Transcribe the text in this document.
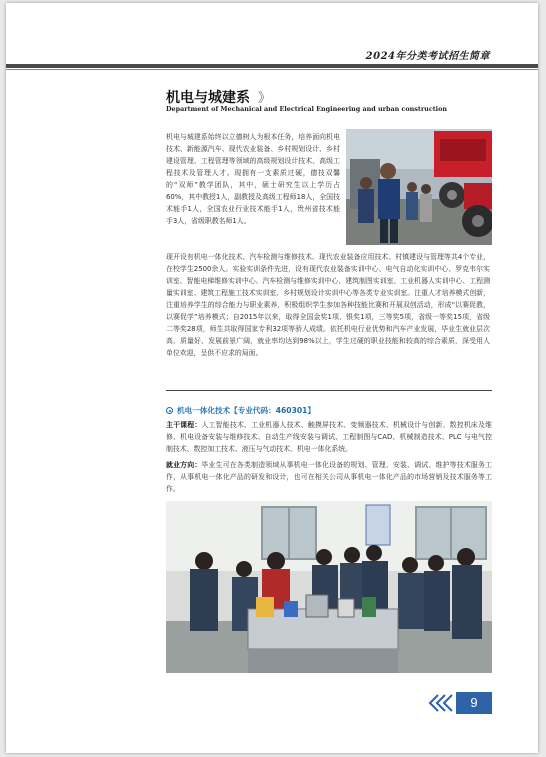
2024年分类考试招生简章
机电与城建系 》
Department of Mechanical and Electrical Engineering and urban construction
机电与城建系始终以立德树人为根本任务，培养面向机电技术、新能源汽车、现代农业装备、乡村规划设计、乡村建设管理、工程管理等领域的高级规划设计技术、高级工程技术及管理人才。现拥有一支素质过硬，德技双馨的“双师”教学团队，其中，硕士研究生以上学历占60%，其中教授1人，副教授及高级工程师18人，全国技术能手1人，全国农业行业技术能手1人，贵州省技术能手3人，省级职教名师1人。
现开设有机电一体化技术、汽车检测与维修技术、现代农业装备应用技术、村镇建设与管理等共4个专业，在校学生2500余人。实验实训条件先进，设有现代农业装备实训中心、电气自动化实训中心、罗克韦尔实训室、智能电梯维修实训中心、汽车检测与维修实训中心、建筑制图实训室、工业机器人实训中心、工程测量实训室、建筑工程施工技术实训室、乡村规划设计实训中心等各类专业实训室。注重人才培养模式创新，注重培养学生的综合能力与职业素养，积极组织学生参加各种技能比赛和开展双创活动，形成“以赛促教，以赛促学”培养模式；自2015年以来，取得全国金奖1项、银奖1项，三等奖5项，省级一等奖15项，省级二等奖28项，师生共取得国家专利32项等骄人成绩。依托机电行业优势和汽车产业发展，毕业生就业层次高、质量好、发展前景广阔，就业率均达到98%以上，学生过硬的职业技能和较高的综合素质，深受用人单位欢迎，呈供不应求的局面。
机电一体化技术【专业代码：460301】
主干课程：人工智能技术、工业机器人技术、触摸屏技术、变频器技术、机械设计与创新、数控机床及维修、机电设备安装与维修技术、自动生产线安装与调试、工程制图与CAD、机械制造技术、PLC 与电气控制技术、数控加工技术、液压与气动技术、机电一体化系统。
就业方向：毕业生可在各类制造领域从事机电一体化设备的规划、管理、安装、调试、维护等技术服务工作，从事机电一体化产品的研发和设计，也可在相关公司从事机电一体化产品的市场营销及技术服务等工作。
9
